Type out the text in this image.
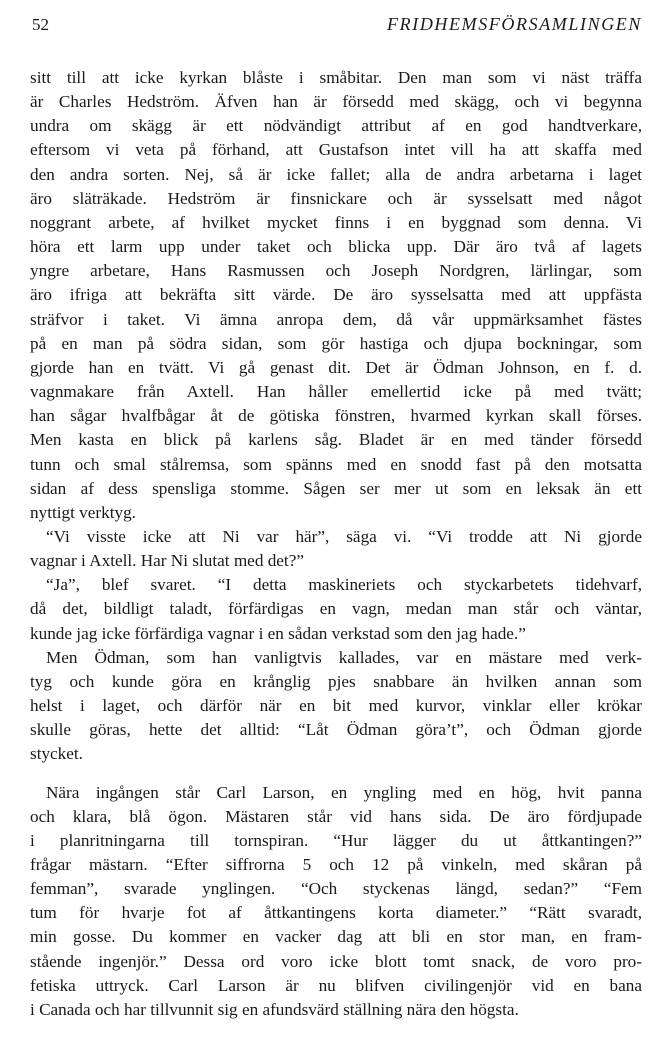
52	FRIDHEMSFÖRSAMLINGEN

sitt till att icke kyrkan blåste i småbitar. Den man som vi näst träffa
är Charles Hedström. Äfven han är försedd med skägg, och vi begynna
undra om skägg är ett nödvändigt attribut af en god handtverkare,
eftersom vi veta på förhand, att Gustafson intet vill ha att skaffa med
den andra sorten. Nej, så är icke fallet; alla de andra arbetarna i laget
äro släträkade. Hedström är finsnickare och är sysselsatt med något
noggrant arbete, af hvilket mycket finns i en byggnad som denna. Vi
höra ett larm upp under taket och blicka upp. Där äro två af lagets
yngre arbetare, Hans Rasmussen och Joseph Nordgren, lärlingar, som
äro ifriga att bekräfta sitt värde. De äro sysselsatta med att uppfästa
sträfvor i taket. Vi ämna anropa dem, då vår uppmärksamhet fästes
på en man på södra sidan, som gör hastiga och djupa bockningar, som
gjorde han en tvätt. Vi gå genast dit. Det är Ödman Johnson, en f. d.
vagnmakare från Axtell. Han håller emellertid icke på med tvätt;
han sågar hvalfbågar åt de götiska fönstren, hvarmed kyrkan skall förses.
Men kasta en blick på karlens såg. Bladet är en med tänder försedd
tunn och smal stålremsa, som spänns med en snodd fast på den motsatta
sidan af dess spensliga stomme. Sågen ser mer ut som en leksak än ett
nyttigt verktyg.

“Vi visste icke att Ni var här”, säga vi. “Vi trodde att Ni gjorde
vagnar i Axtell. Har Ni slutat med det?”

“Ja”, blef svaret. “I detta maskineriets och styckarbetets tidehvarf,
då det, bildligt taladt, förfärdigas en vagn, medan man står och väntar,
kunde jag icke förfärdiga vagnar i en sådan verkstad som den jag hade.”

Men Ödman, som han vanligtvis kallades, var en mästare med verk-
tyg och kunde göra en krånglig pjes snabbare än hvilken annan som
helst i laget, och därför när en bit med kurvor, vinklar eller krökar
skulle göras, hette det alltid: “Låt Ödman göra’t”, och Ödman gjorde
stycket.

Nära ingången står Carl Larson, en yngling med en hög, hvit panna
och klara, blå ögon. Mästaren står vid hans sida. De äro fördjupade
i planritningarna till tornspiran. “Hur lägger du ut åttkantingen?”
frågar mästarn. “Efter siffrorna 5 och 12 på vinkeln, med skåran på
femman”, svarade ynglingen. “Och styckenas längd, sedan?” “Fem
tum för hvarje fot af åttkantingens korta diameter.” “Rätt svaradt,
min gosse. Du kommer en vacker dag att bli en stor man, en fram-
stående ingenjör.” Dessa ord voro icke blott tomt snack, de voro pro-
fetiska uttryck. Carl Larson är nu blifven civilingenjör vid en bana
i Canada och har tillvunnit sig en afundsvärd ställning nära den högsta.
